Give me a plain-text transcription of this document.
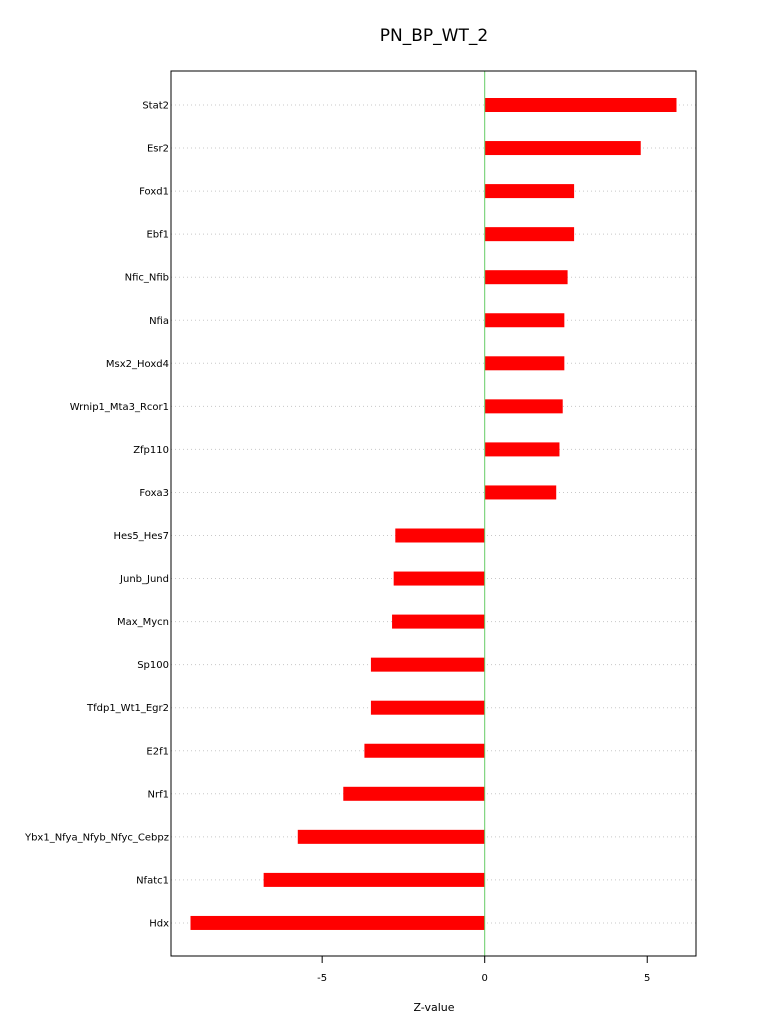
PN_BP_WT_2
Stat2
Esr2
Foxd1
Ebf1
Nfic_Nfib
Nfia
Msx2_Hoxd4
Wrnip1_Mta3_Rcor1
Zfp110
Foxa3
Hes5_Hes7
Junb_Jund
Max_Mycn
Sp100
Tfdp1_Wt1_Egr2
E2f1
Nrf1
Ybx1_Nfya_Nfyb_Nfyc_Cebpz
Nfatc1
Hdx
-5	0	5
Z-value
